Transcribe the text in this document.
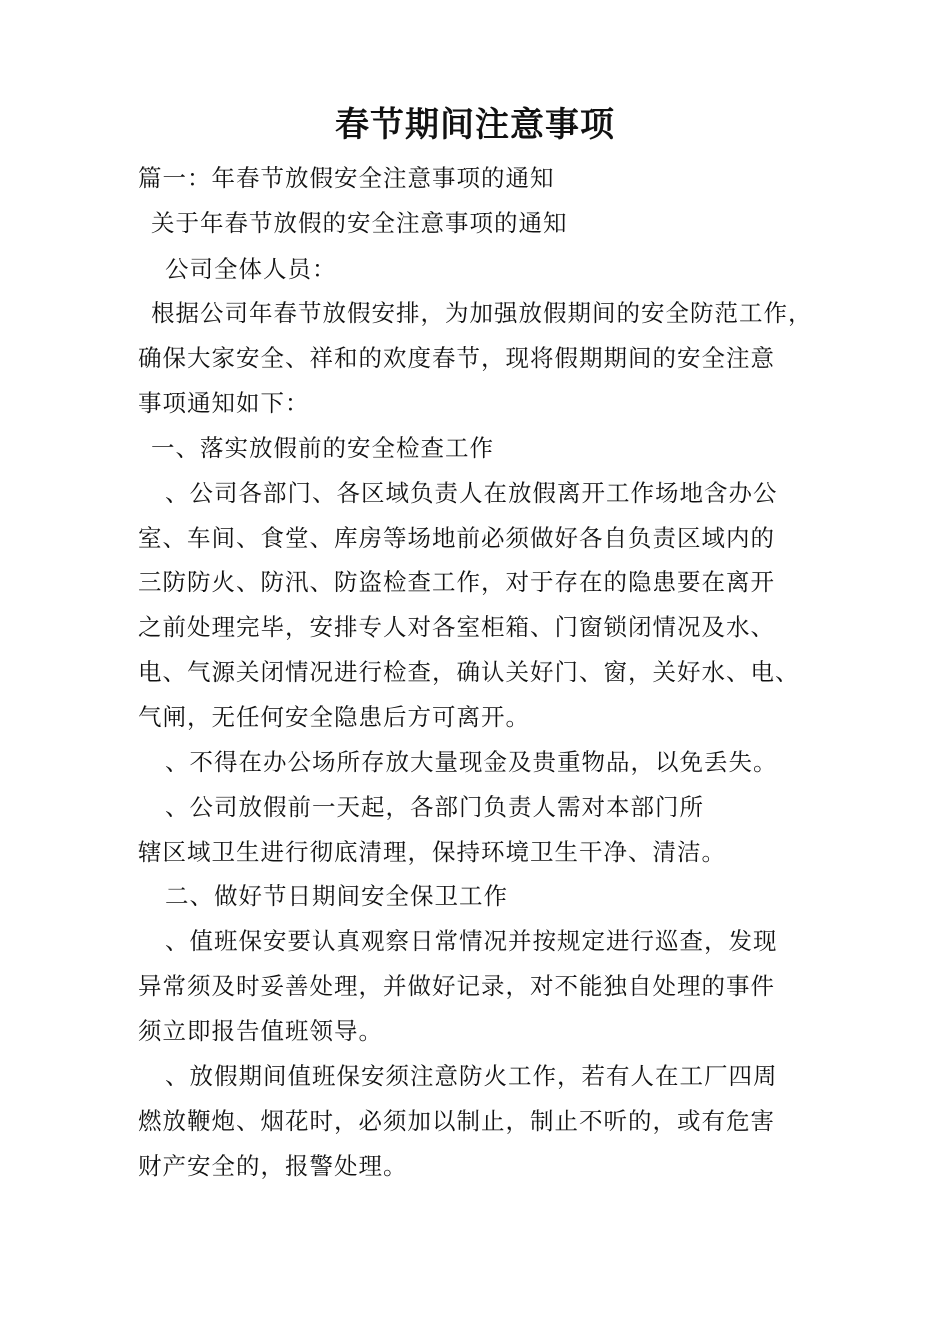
春节期间注意事项
篇一：年春节放假安全注意事项的通知
关于年春节放假的安全注意事项的通知
公司全体人员：
根据公司年春节放假安排，为加强放假期间的安全防范工作，
确保大家安全、祥和的欢度春节，现将假期期间的安全注意
事项通知如下：
一、落实放假前的安全检查工作
、公司各部门、各区域负责人在放假离开工作场地含办公
室、车间、食堂、库房等场地前必须做好各自负责区域内的
三防防火、防汛、防盗检查工作，对于存在的隐患要在离开
之前处理完毕，安排专人对各室柜箱、门窗锁闭情况及水、
电、气源关闭情况进行检查，确认关好门、窗，关好水、电、
气闸，无任何安全隐患后方可离开。
、不得在办公场所存放大量现金及贵重物品，以免丢失。
、公司放假前一天起，各部门负责人需对本部门所
辖区域卫生进行彻底清理，保持环境卫生干净、清洁。
二、做好节日期间安全保卫工作
、值班保安要认真观察日常情况并按规定进行巡查，发现
异常须及时妥善处理，并做好记录，对不能独自处理的事件
须立即报告值班领导。
、放假期间值班保安须注意防火工作，若有人在工厂四周
燃放鞭炮、烟花时，必须加以制止，制止不听的，或有危害
财产安全的，报警处理。
